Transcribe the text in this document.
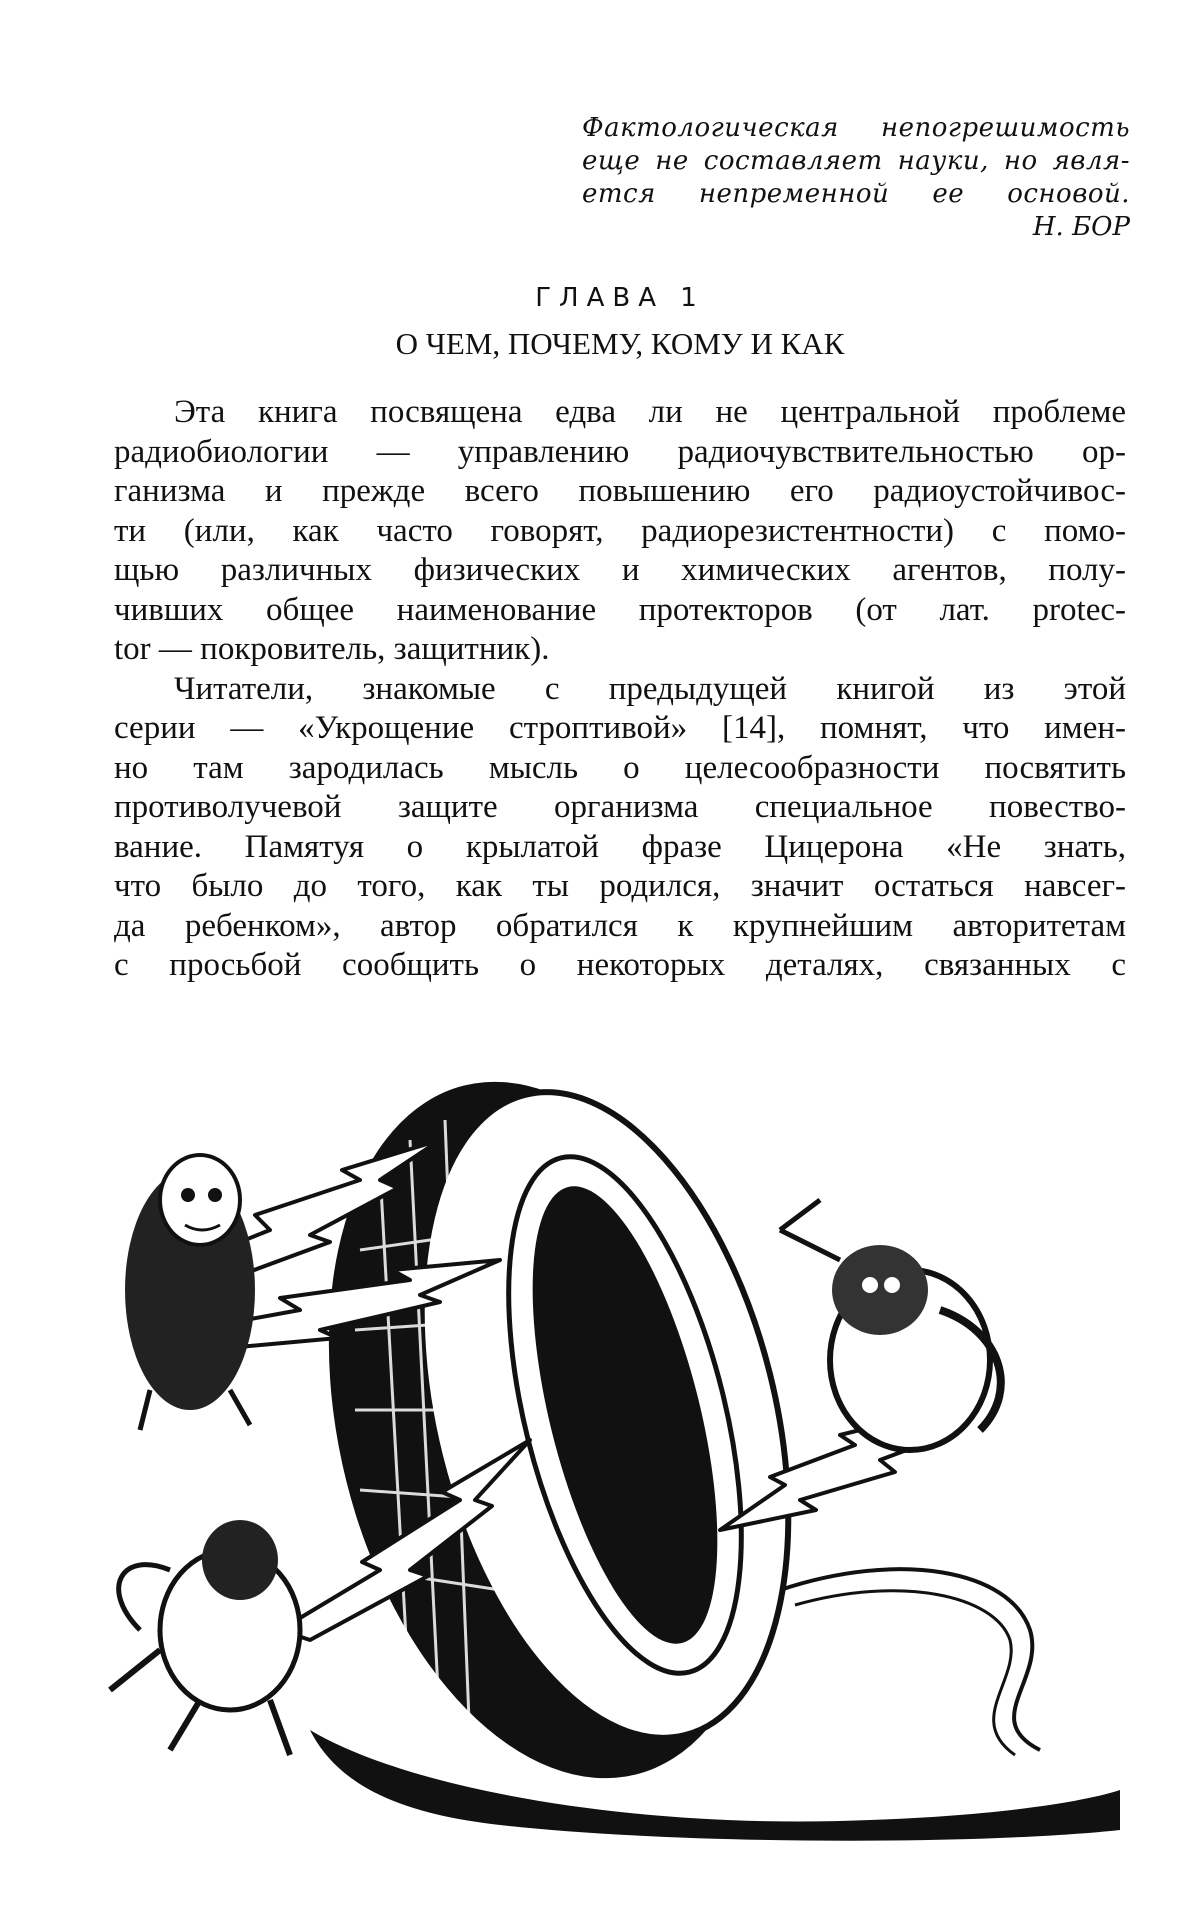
Фактологическая непогрешимость
еще не составляет науки, но явля-
ется непременной ее основой.
Н. БОР
ГЛАВА 1
О ЧЕМ, ПОЧЕМУ, КОМУ И КАК
Эта книга посвящена едва ли не центральной проблеме
радиобиологии — управлению радиочувствительностью ор-
ганизма и прежде всего повышению его радиоустойчивос-
ти (или, как часто говорят, радиорезистентности) с помо-
щью различных физических и химических агентов, полу-
чивших общее наименование протекторов (от лат. protec-
tor — покровитель, защитник).
Читатели, знакомые с предыдущей книгой из этой
серии — «Укрощение строптивой» [14], помнят, что имен-
но там зародилась мысль о целесообразности посвятить
противолучевой защите организма специальное повество-
вание. Памятуя о крылатой фразе Цицерона «Не знать,
что было до того, как ты родился, значит остаться навсег-
да ребенком», автор обратился к крупнейшим авторитетам
с просьбой сообщить о некоторых деталях, связанных с
